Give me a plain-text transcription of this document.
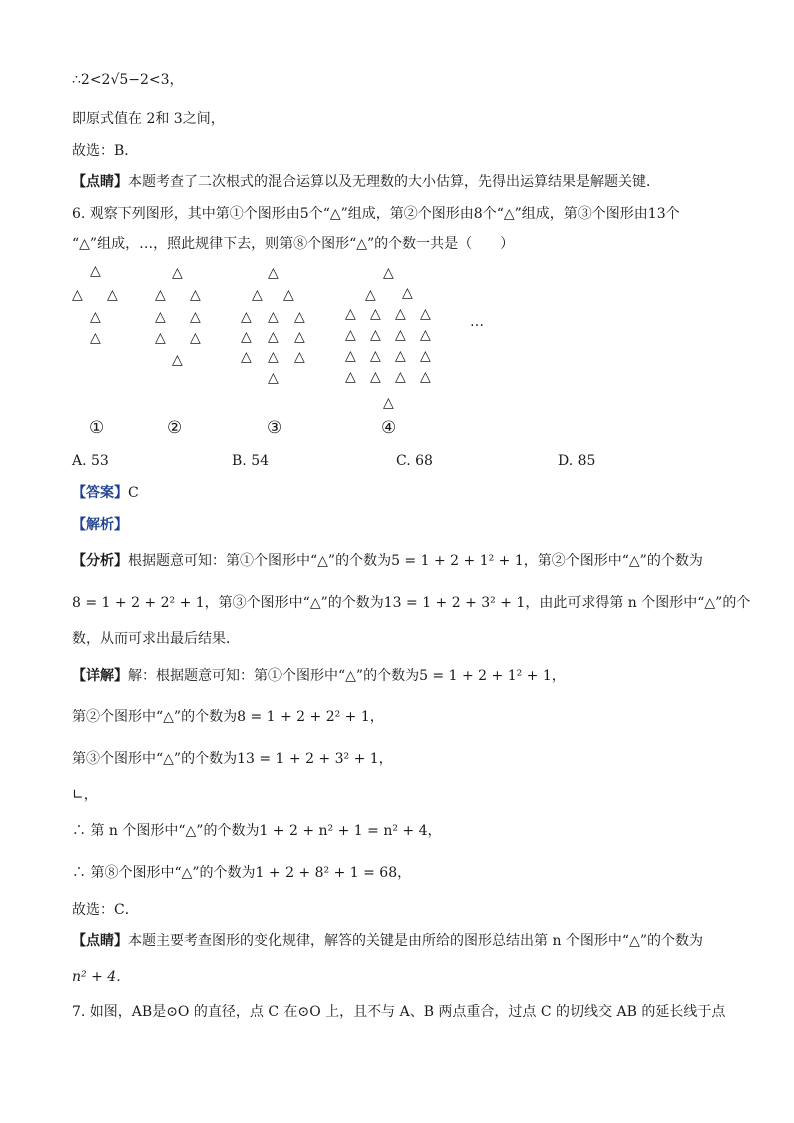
∴2<2√5−2<3，
即原式值在 2和 3之间，
故选：B．
【点睛】本题考查了二次根式的混合运算以及无理数的大小估算，先得出运算结果是解题关键．
6. 观察下列图形，其中第①个图形由5个“△”组成，第②个图形由8个“△”组成，第③个图形由13个
“△”组成，…，照此规律下去，则第⑧个图形“△”的个数一共是（　　）
△
△ △
△
△
△
△ △
△ △
△ △
△
△
△ △
△ △ △
△ △ △
△ △ △
△
△
△ △
△ △ △ △
△ △ △ △
△ △ △ △
△ △ △ △
△
…
①	②	③	④
A. 53	B. 54	C. 68	D. 85
【答案】C
【解析】
【分析】根据题意可知：第①个图形中“△”的个数为5 = 1 + 2 + 1² + 1，第②个图形中“△”的个数为
8 = 1 + 2 + 2² + 1，第③个图形中“△”的个数为13 = 1 + 2 + 3² + 1，由此可求得第 n 个图形中“△”的个
数，从而可求出最后结果．
【详解】解：根据题意可知：第①个图形中“△”的个数为5 = 1 + 2 + 1² + 1，
第②个图形中“△”的个数为8 = 1 + 2 + 2² + 1，
第③个图形中“△”的个数为13 = 1 + 2 + 3² + 1，
∟，
∴ 第 n 个图形中“△”的个数为1 + 2 + n² + 1 = n² + 4，
∴ 第⑧个图形中“△”的个数为1 + 2 + 8² + 1 = 68，
故选：C．
【点睛】本题主要考查图形的变化规律，解答的关键是由所给的图形总结出第 n 个图形中“△”的个数为
n² + 4．
7. 如图，AB是⊙O 的直径，点 C 在⊙O 上，且不与 A、B 两点重合，过点 C 的切线交 AB 的延长线于点
